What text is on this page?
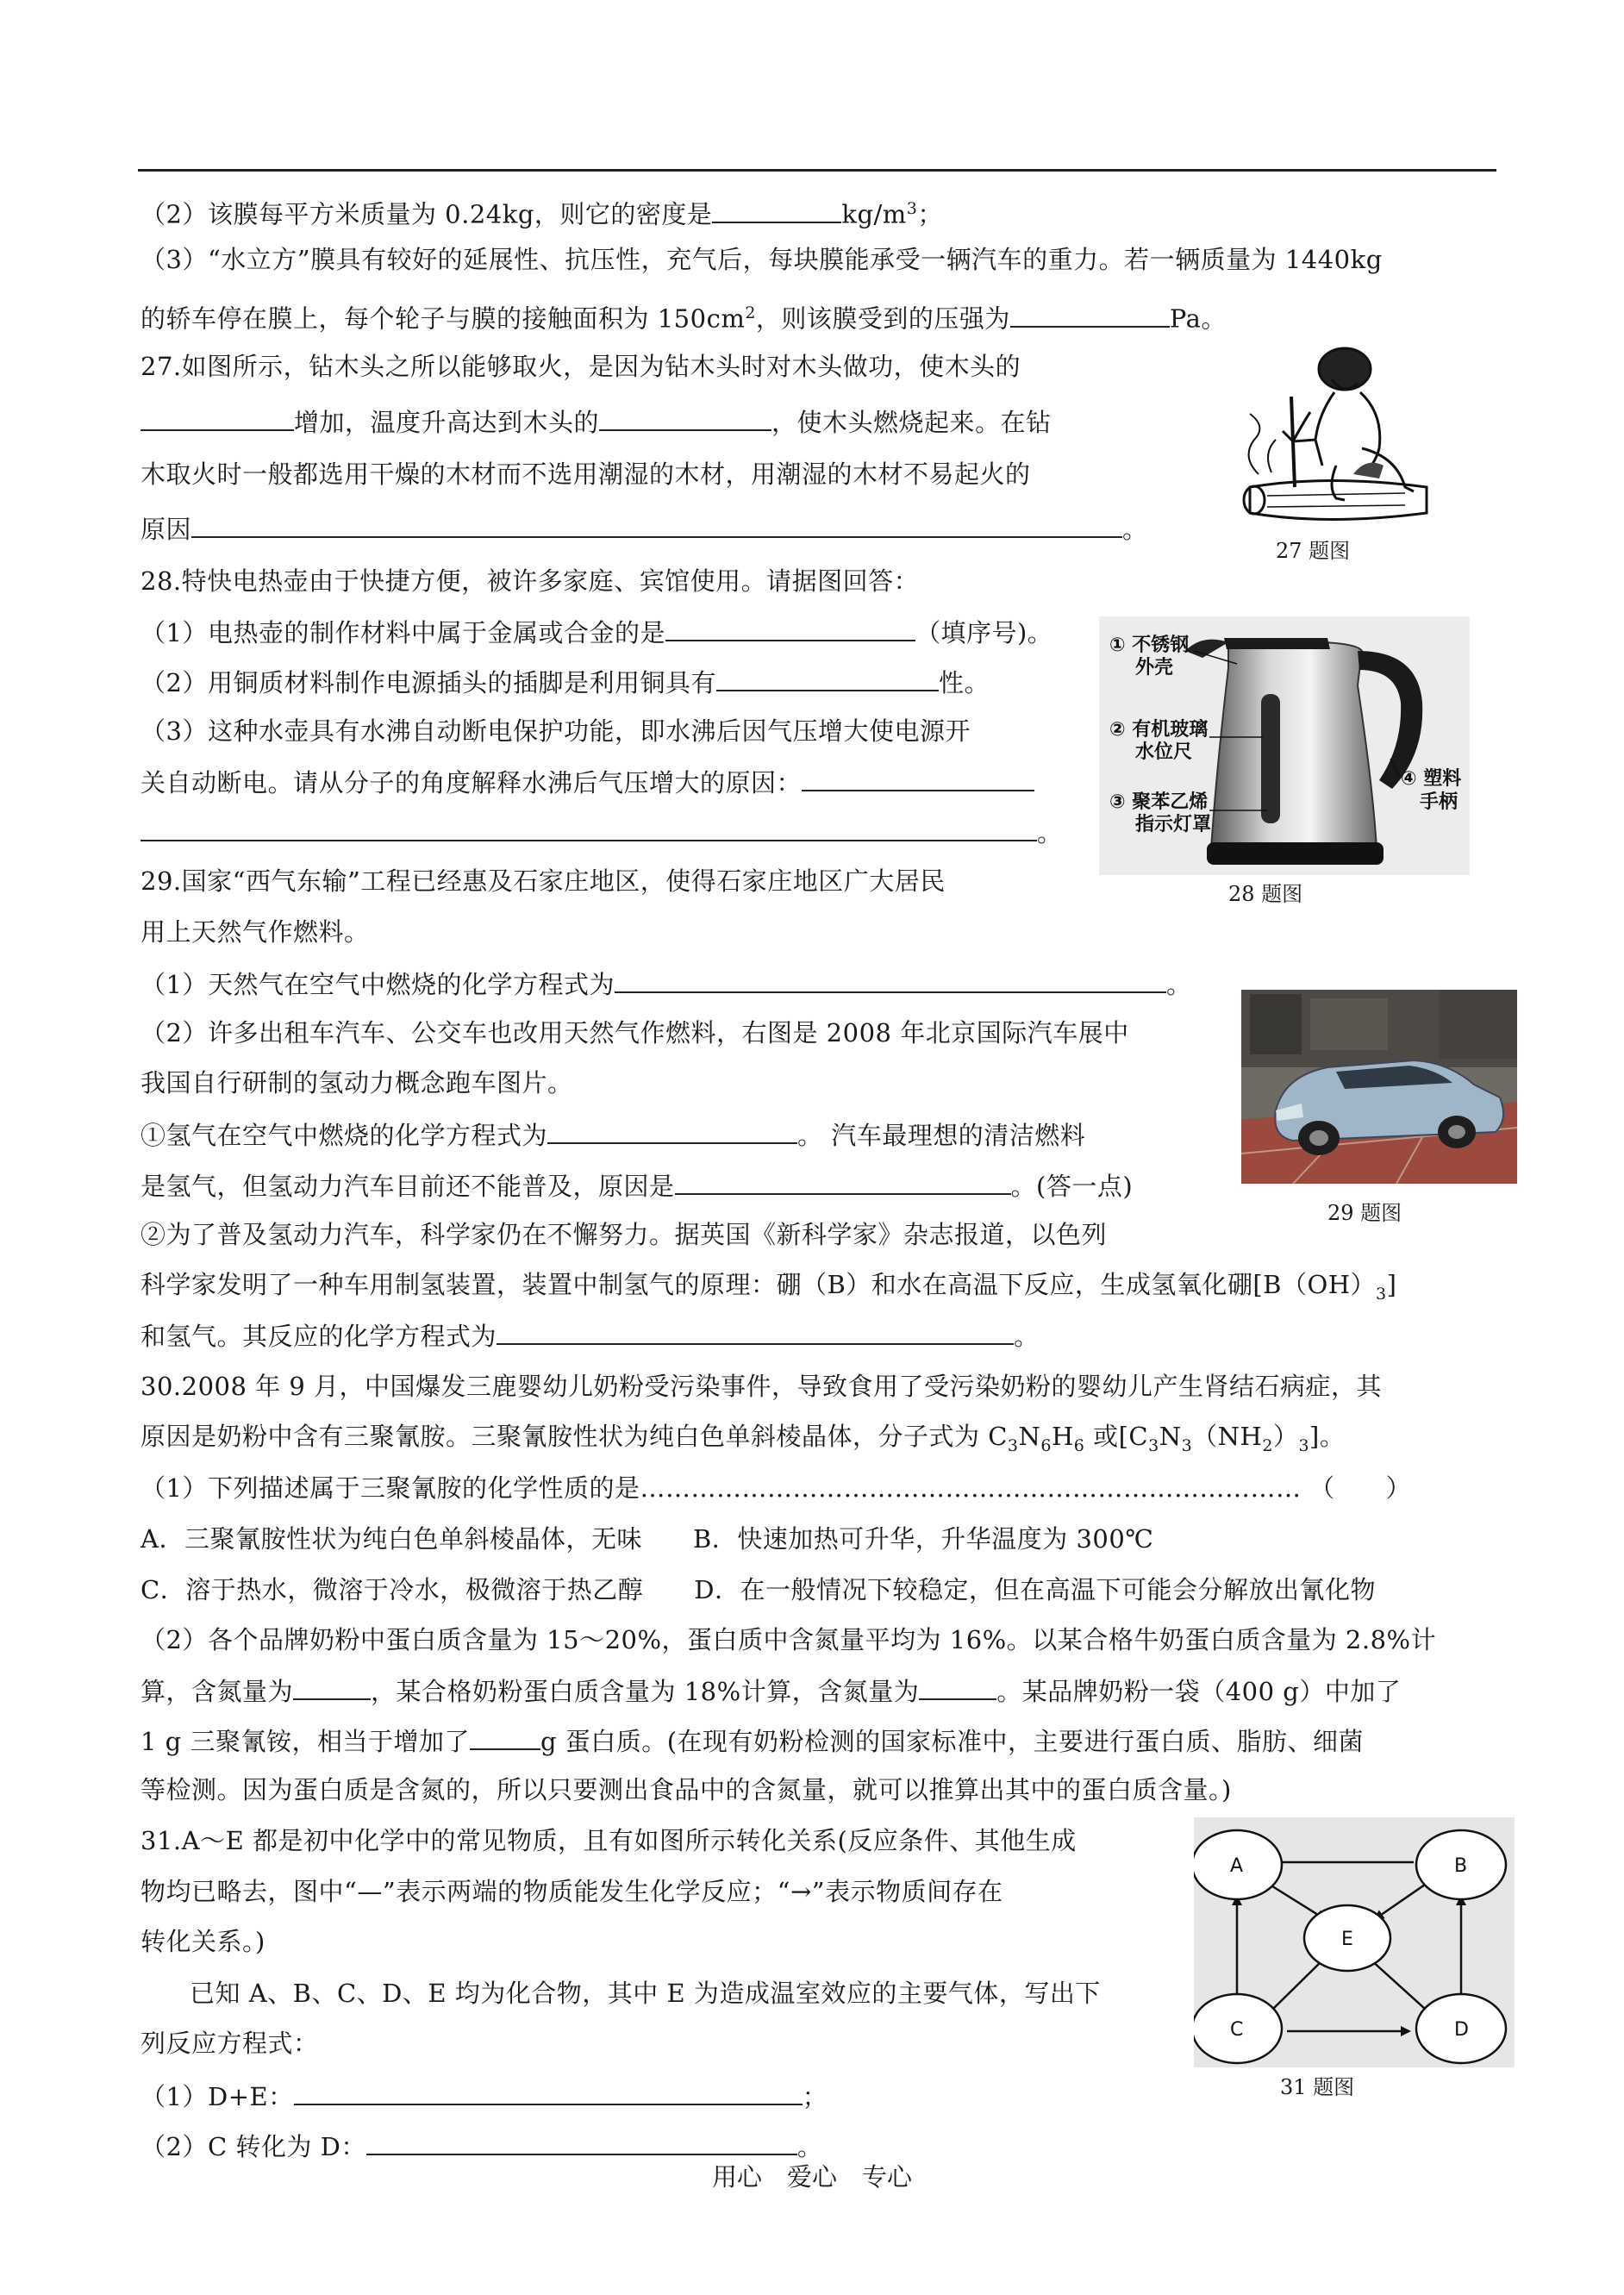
（2）该膜每平方米质量为 0.24kg，则它的密度是	$kg/m^3$；
（3）“水立方”膜具有较好的延展性、抗压性，充气后，每块膜能承受一辆汽车的重力。若一辆质量为 1440kg
的轿车停在膜上，每个轮子与膜的接触面积为 $150cm^2$，则该膜受到的压强为	Pa。
27.如图所示，钻木头之所以能够取火，是因为钻木头时对木头做功，使木头的
增加，温度升高达到木头的	，使木头燃烧起来。在钻
木取火时一般都选用干燥的木材而不选用潮湿的木材，用潮湿的木材不易起火的
原因	。
27 题图
28.特快电热壶由于快捷方便，被许多家庭、宾馆使用。请据图回答：
（1）电热壶的制作材料中属于金属或合金的是	（填序号)。
（2）用铜质材料制作电源插头的插脚是利用铜具有	性。
（3）这种水壶具有水沸自动断电保护功能，即水沸后因气压增大使电源开
关自动断电。请从分子的角度解释水沸后气压增大的原因：
。
① 不锈钢
外壳
② 有机玻璃
水位尺
③ 聚苯乙烯
指示灯罩
④ 塑料
手柄
28 题图
29.国家“西气东输”工程已经惠及石家庄地区，使得石家庄地区广大居民
用上天然气作燃料。
（1）天然气在空气中燃烧的化学方程式为	。
（2）许多出租车汽车、公交车也改用天然气作燃料，右图是 2008 年北京国际汽车展中
我国自行研制的氢动力概念跑车图片。
①氢气在空气中燃烧的化学方程式为	。 汽车最理想的清洁燃料
是氢气，但氢动力汽车目前还不能普及，原因是	。(答一点)
②为了普及氢动力汽车，科学家仍在不懈努力。据英国《新科学家》杂志报道，以色列
科学家发明了一种车用制氢装置，装置中制氢气的原理：硼（B）和水在高温下反应，生成氢氧化硼$[B(OH)_3]$
和氢气。其反应的化学方程式为	。
29 题图
30.2008 年 9 月，中国爆发三鹿婴幼儿奶粉受污染事件，导致食用了受污染奶粉的婴幼儿产生肾结石病症，其
原因是奶粉中含有三聚氰胺。三聚氰胺性状为纯白色单斜棱晶体，分子式为 $C_3N_6H_6$ 或$[C_3N_3(NH_2)_3]$。
（1）下列描述属于三聚氰胺的化学性质的是…………………………………………………………………… （　　）
A．三聚氰胺性状为纯白色单斜棱晶体，无味　　B．快速加热可升华，升华温度为 300℃
C．溶于热水，微溶于冷水，极微溶于热乙醇　　D．在一般情况下较稳定，但在高温下可能会分解放出氰化物
（2）各个品牌奶粉中蛋白质含量为 15～20%，蛋白质中含氮量平均为 16%。以某合格牛奶蛋白质含量为 2.8%计
算，含氮量为	，某合格奶粉蛋白质含量为 18%计算，含氮量为	。某品牌奶粉一袋（400 g）中加了
1 g 三聚氰铵，相当于增加了	g 蛋白质。(在现有奶粉检测的国家标准中，主要进行蛋白质、脂肪、细菌
等检测。因为蛋白质是含氮的，所以只要测出食品中的含氮量，就可以推算出其中的蛋白质含量。)
31.A～E 都是初中化学中的常见物质，且有如图所示转化关系(反应条件、其他生成
物均已略去，图中“—”表示两端的物质能发生化学反应；“→”表示物质间存在
转化关系。)
已知 A、B、C、D、E 均为化合物，其中 E 为造成温室效应的主要气体，写出下
列反应方程式：
（1）D+E：	；
（2）C 转化为 D：	。
A	B
E
C	D
31 题图
用心　爱心　专心
